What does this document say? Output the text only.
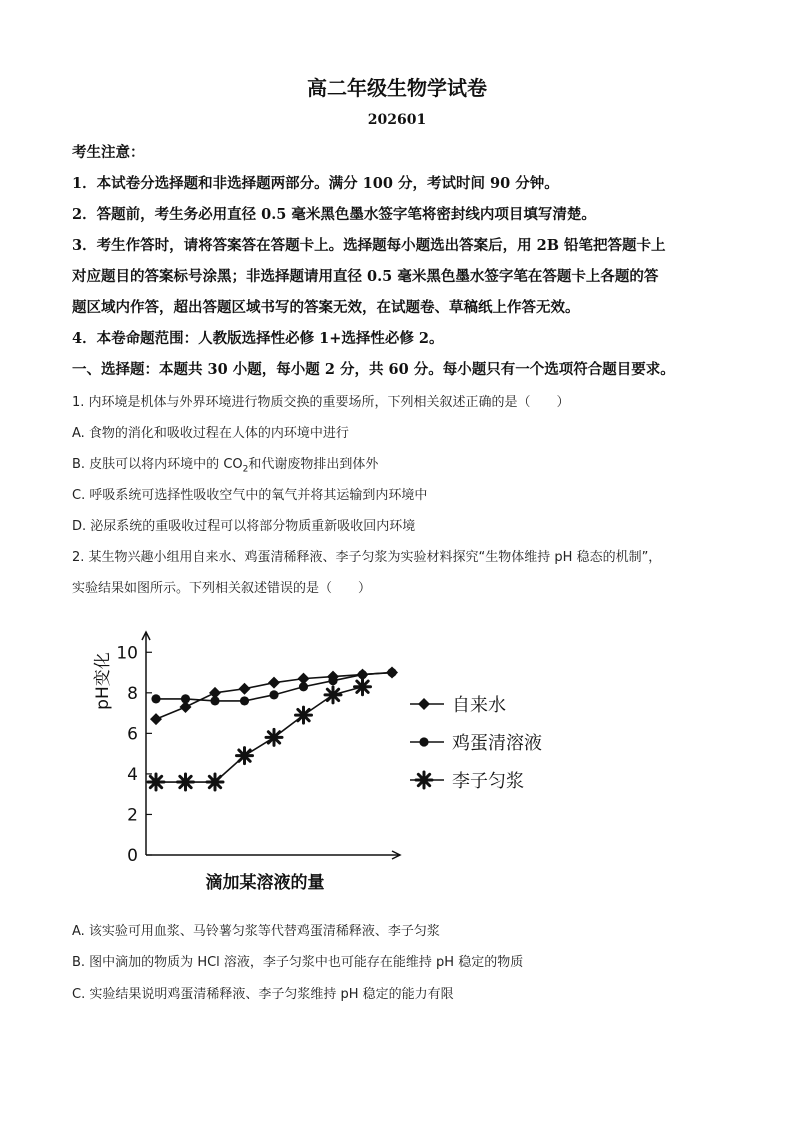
高二年级生物学试卷
202601
考生注意：
1．本试卷分选择题和非选择题两部分。满分 100 分，考试时间 90 分钟。
2．答题前，考生务必用直径 0.5 毫米黑色墨水签字笔将密封线内项目填写清楚。
3．考生作答时，请将答案答在答题卡上。选择题每小题选出答案后，用 2B 铅笔把答题卡上
对应题目的答案标号涂黑；非选择题请用直径 0.5 毫米黑色墨水签字笔在答题卡上各题的答
题区域内作答，超出答题区域书写的答案无效，在试题卷、草稿纸上作答无效。
4．本卷命题范围：人教版选择性必修 1+选择性必修 2。
一、选择题：本题共 30 小题，每小题 2 分，共 60 分。每小题只有一个选项符合题目要求。
1. 内环境是机体与外界环境进行物质交换的重要场所，下列相关叙述正确的是（　　）
A. 食物的消化和吸收过程在人体的内环境中进行
B. 皮肤可以将内环境中的 $CO_2$和代谢废物排出到体外
C. 呼吸系统可选择性吸收空气中的氧气并将其运输到内环境中
D. 泌尿系统的重吸收过程可以将部分物质重新吸收回内环境
2. 某生物兴趣小组用自来水、鸡蛋清稀释液、李子匀浆为实验材料探究“生物体维持 pH 稳态的机制”，
实验结果如图所示。下列相关叙述错误的是（　　）
0
2
4
6
8
10
pH变化
滴加某溶液的量
自来水
鸡蛋清溶液
李子匀浆
A. 该实验可用血浆、马铃薯匀浆等代替鸡蛋清稀释液、李子匀浆
B. 图中滴加的物质为 HCl 溶液，李子匀浆中也可能存在能维持 pH 稳定的物质
C. 实验结果说明鸡蛋清稀释液、李子匀浆维持 pH 稳定的能力有限
